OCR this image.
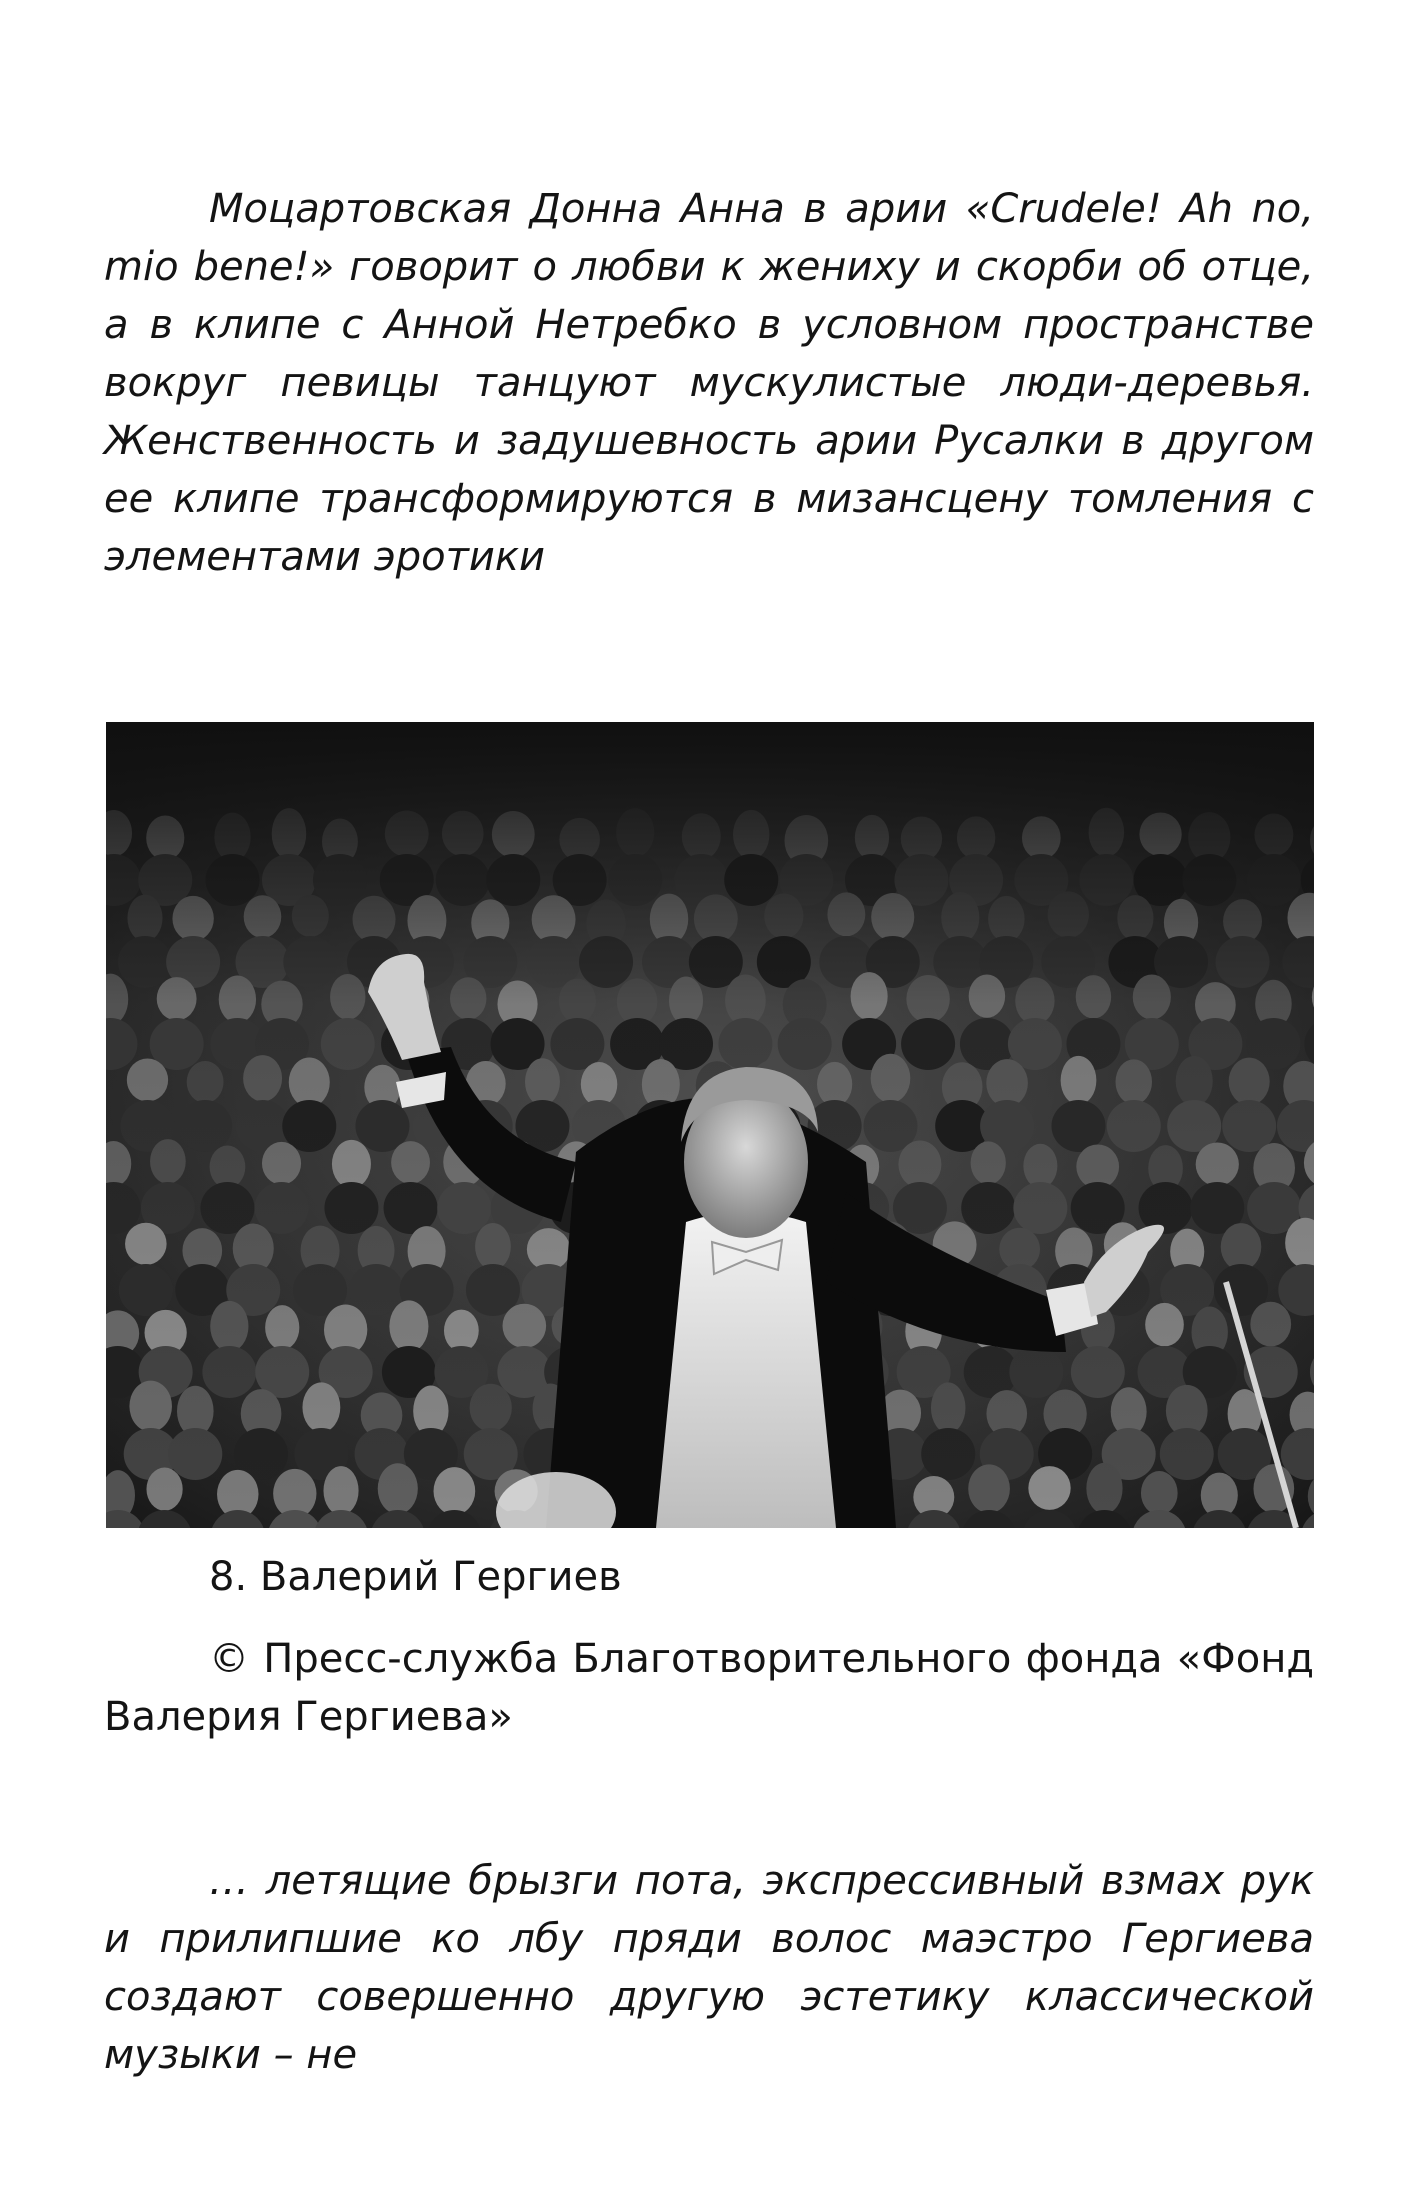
Моцартовская Донна Анна в арии «Crudele! Ah no, mio bene!» говорит о любви к жениху и скорби об отце, а в клипе с Анной Нетребко в условном пространстве вокруг певицы танцуют мускулистые люди-деревья. Женственность и задушевность арии Русалки в другом ее клипе трансформируются в мизансцену томления с элементами эротики

8. Валерий Гергиев

© Пресс-служба Благотворительного фонда «Фонд Валерия Гергиева»

… летящие брызги пота, экспрессивный взмах рук и прилипшие ко лбу пряди волос маэстро Гергиева создают совершенно другую эстетику классической музыки – не
